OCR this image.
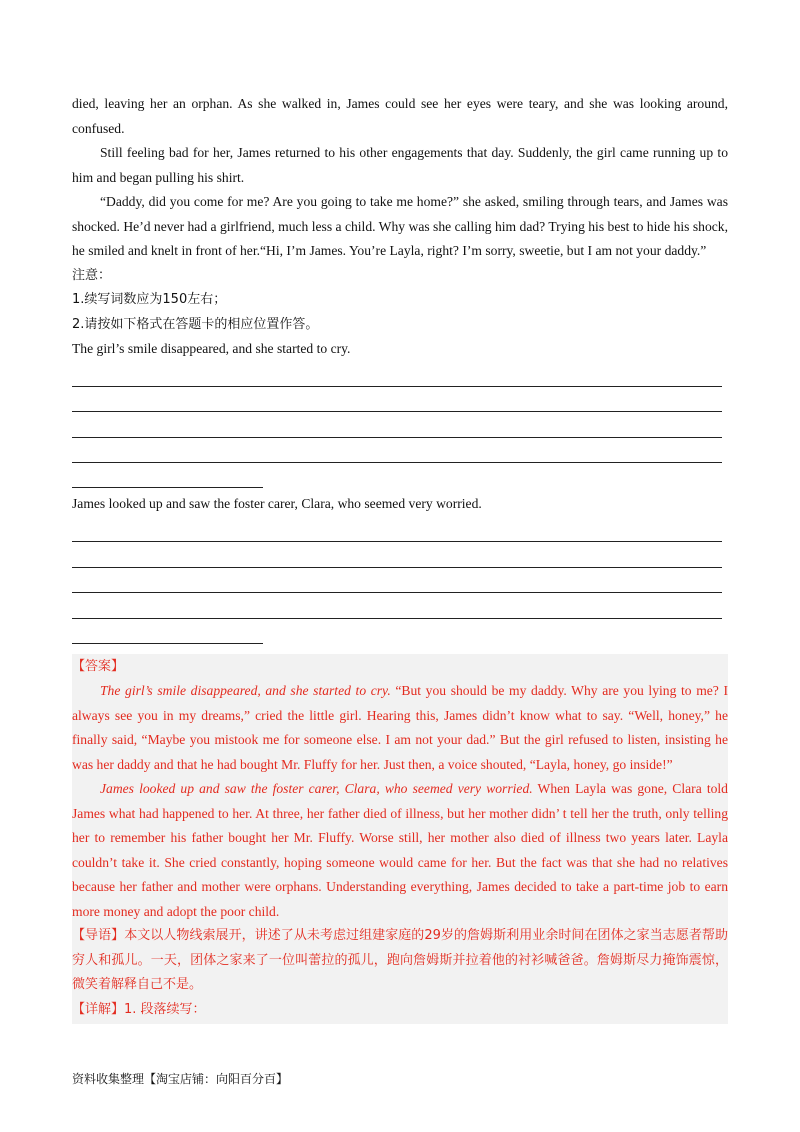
died, leaving her an orphan. As she walked in, James could see her eyes were teary, and she was looking around, confused.

Still feeling bad for her, James returned to his other engagements that day. Suddenly, the girl came running up to him and began pulling his shirt.

“Daddy, did you come for me? Are you going to take me home?” she asked, smiling through tears, and James was shocked. He’d never had a girlfriend, much less a child. Why was she calling him dad? Trying his best to hide his shock, he smiled and knelt in front of her.“Hi, I’m James. You’re Layla, right? I’m sorry, sweetie, but I am not your daddy.”

注意：

1.续写词数应为150左右；

2.请按如下格式在答题卡的相应位置作答。

The girl’s smile disappeared, and she started to cry.

James looked up and saw the foster carer, Clara, who seemed very worried.

【答案】

The girl’s smile disappeared, and she started to cry. “But you should be my daddy. Why are you lying to me? I always see you in my dreams,” cried the little girl. Hearing this, James didn’t know what to say. “Well, honey,” he finally said, “Maybe you mistook me for someone else. I am not your dad.” But the girl refused to listen, insisting he was her daddy and that he had bought Mr. Fluffy for her. Just then, a voice shouted, “Layla, honey, go inside!”

James looked up and saw the foster carer, Clara, who seemed very worried. When Layla was gone, Clara told James what had happened to her. At three, her father died of illness, but her mother didn’ t tell her the truth, only telling her to remember his father bought her Mr. Fluffy. Worse still, her mother also died of illness two years later. Layla couldn’t take it. She cried constantly, hoping someone would came for her. But the fact was that she had no relatives because her father and mother were orphans. Understanding everything, James decided to take a part-time job to earn more money and adopt the poor child.

【导语】本文以人物线索展开，讲述了从未考虑过组建家庭的29岁的詹姆斯利用业余时间在团体之家当志愿者帮助穷人和孤儿。一天，团体之家来了一位叫蕾拉的孤儿，跑向詹姆斯并拉着他的衬衫喊爸爸。詹姆斯尽力掩饰震惊，微笑着解释自己不是。

【详解】1. 段落续写：

资料收集整理【淘宝店铺：向阳百分百】
